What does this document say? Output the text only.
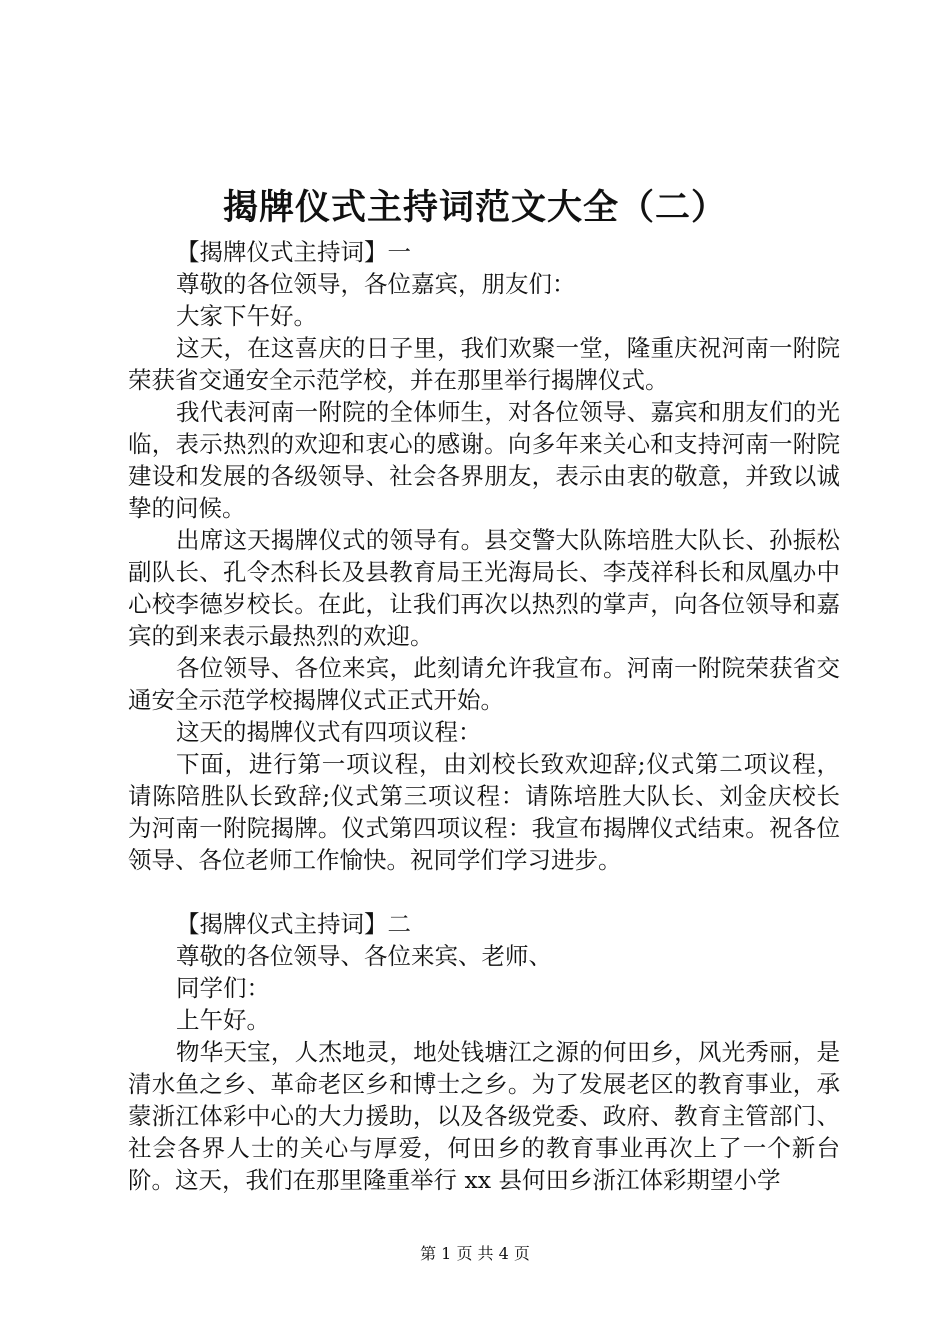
揭牌仪式主持词范文大全（二）

【揭牌仪式主持词】一

尊敬的各位领导，各位嘉宾，朋友们：

大家下午好。

这天，在这喜庆的日子里，我们欢聚一堂，隆重庆祝河南一附院荣获省交通安全示范学校，并在那里举行揭牌仪式。

我代表河南一附院的全体师生，对各位领导、嘉宾和朋友们的光临，表示热烈的欢迎和衷心的感谢。向多年来关心和支持河南一附院建设和发展的各级领导、社会各界朋友，表示由衷的敬意，并致以诚挚的问候。

出席这天揭牌仪式的领导有。县交警大队陈培胜大队长、孙振松副队长、孔令杰科长及县教育局王光海局长、李茂祥科长和凤凰办中心校李德岁校长。在此，让我们再次以热烈的掌声，向各位领导和嘉宾的到来表示最热烈的欢迎。

各位领导、各位来宾，此刻请允许我宣布。河南一附院荣获省交通安全示范学校揭牌仪式正式开始。

这天的揭牌仪式有四项议程：

下面，进行第一项议程，由刘校长致欢迎辞;仪式第二项议程，请陈陪胜队长致辞;仪式第三项议程：请陈培胜大队长、刘金庆校长为河南一附院揭牌。仪式第四项议程：我宣布揭牌仪式结束。祝各位领导、各位老师工作愉快。祝同学们学习进步。

【揭牌仪式主持词】二

尊敬的各位领导、各位来宾、老师、

同学们：

上午好。

物华天宝，人杰地灵，地处钱塘江之源的何田乡，风光秀丽，是清水鱼之乡、革命老区乡和博士之乡。为了发展老区的教育事业，承蒙浙江体彩中心的大力援助，以及各级党委、政府、教育主管部门、社会各界人士的关心与厚爱，何田乡的教育事业再次上了一个新台阶。这天，我们在那里隆重举行 xx 县何田乡浙江体彩期望小学

第 1 页 共 4 页
